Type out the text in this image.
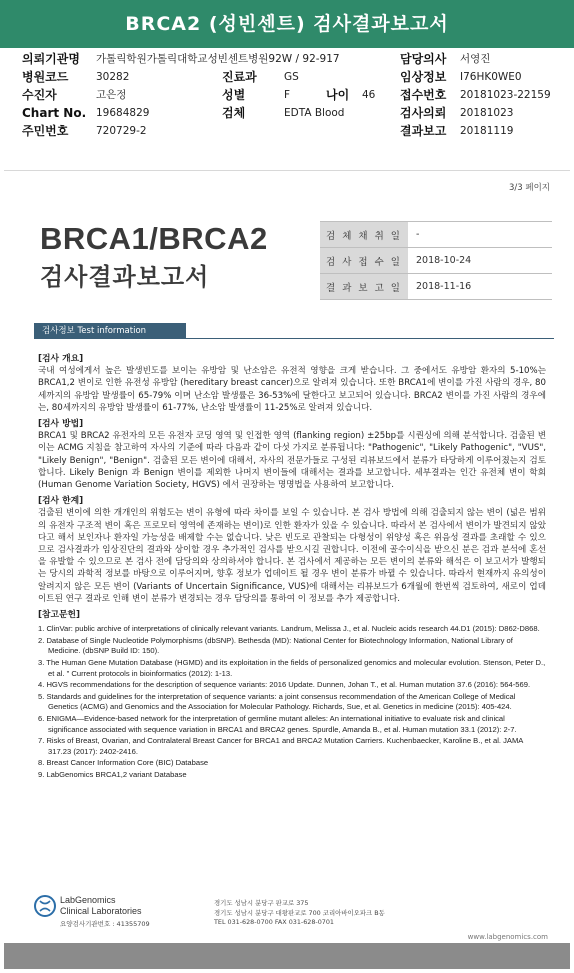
BRCA2 (성빈센트) 검사결과보고서
의뢰기관명 가톨릭학원가톨릭대학교성빈센트병원92W / 92-917	담당의사 서영진
병원코드	30282	진료과	GS	임상정보 I76HK0WE0
수진자	고은정	성별	F	나이 46 접수번호 20181023-22159
Chart No. 19684829	검체	EDTA Blood	검사의뢰 20181023
주민번호	720729-2	결과보고 20181119
3/3 페이지
BRCA1/BRCA2
검사결과보고서
검 체 채 취 일	-
검 사 접 수 일	2018-10-24
결 과 보 고 일	2018-11-16
검사정보 Test information
[검사 개요]

국내 여성에게서 높은 발생빈도를 보이는 유방암 및 난소암은 유전적 영향을 크게 받습니다. 그 중에서도 유방암 환자의 5-10%는 BRCA1,2 변이로 인한 유전성 유방암 (hereditary breast cancer)으로 알려져 있습니다. 또한 BRCA1에 변이를 가진 사람의 경우, 80세까지의 유방암 발생률이 65-79% 이며 난소암 발생률은 36-53%에 달한다고 보고되어 있습니다. BRCA2 변이를 가진 사람의 경우에는, 80세까지의 유방암 발생률이 61-77%, 난소암 발생률이 11-25%로 알려져 있습니다.

[검사 방법]

BRCA1 및 BRCA2 유전자의 모든 유전자 코딩 영역 및 인접한 영역 (flanking region) ±25bp를 시퀀싱에 의해 분석합니다. 검출된 변이는 ACMG 지침을 참고하여 자사의 기준에 따라 다음과 같이 다섯 가지로 분류됩니다: "Pathogenic", "Likely Pathogenic", "VUS", "Likely Benign", "Benign". 검출된 모든 변이에 대해서, 자사의 전문가들로 구성된 리뷰보드에서 분류가 타당하게 이루어졌는지 검토합니다. Likely Benign 과 Benign 변이를 제외한 나머지 변이들에 대해서는 결과를 보고합니다. 세부결과는 인간 유전체 변이 학회 (Human Genome Variation Society, HGVS) 에서 권장하는 명명법을 사용하여 보고합니다.

[검사 한계]

검출된 변이에 의한 개개인의 위험도는 변이 유형에 따라 차이를 보일 수 있습니다. 본 검사 방법에 의해 검출되지 않는 변이 (넓은 범위의 유전자 구조적 변이 혹은 프로모터 영역에 존재하는 변이)로 인한 환자가 있을 수 있습니다. 따라서 본 검사에서 변이가 발견되지 않았다고 해서 보인자나 환자일 가능성을 배제할 수는 없습니다. 낮은 빈도로 관찰되는 다형성이 위양성 혹은 위음성 결과를 초래할 수 있으므로 검사결과가 임상진단의 결과와 상이할 경우 추가적인 검사를 받으시길 권합니다. 이전에 골수이식을 받으신 분은 검과 분석에 혼선을 유발할 수 있으므로 본 검사 전에 담당의와 상의하셔야 합니다. 본 검사에서 제공하는 모든 변이의 분류와 해석은 이 보고서가 발행되는 당시의 과학적 정보를 바탕으로 이루어지며, 향후 정보가 업데이트 될 경우 변이 분류가 바뀔 수 있습니다. 따라서 현재까지 유의성이 알려지지 않은 모든 변이 (Variants of Uncertain Significance, VUS)에 대해서는 리뷰보드가 6개월에 한번씩 검토하여, 새로이 업데이트된 연구 결과로 인해 변이 분류가 변경되는 경우 담당의를 통하여 이 정보를 추가 제공합니다.

[참고문헌]
1. ClinVar: public archive of interpretations of clinically relevant variants. Landrum, Melissa J., et al. Nucleic acids research 44.D1 (2015): D862-D868.
2. Database of Single Nucleotide Polymorphisms (dbSNP). Bethesda (MD): National Center for Biotechnology Information, National Library of Medicine. (dbSNP Build ID: 150).
3. The Human Gene Mutation Database (HGMD) and its exploitation in the fields of personalized genomics and molecular evolution. Stenson, Peter D., et al. " Current protocols in bioinformatics (2012): 1-13.
4. HGVS recommendations for the description of sequence variants: 2016 Update. Dunnen, Johan T., et al. Human mutation 37.6 (2016): 564-569.
5. Standards and guidelines for the interpretation of sequence variants: a joint consensus recommendation of the American College of Medical Genetics (ACMG) and Genomics and the Association for Molecular Pathology. Richards, Sue, et al. Genetics in medicine (2015): 405-424.
6. ENIGMA—Evidence-based network for the interpretation of germline mutant alleles: An international initiative to evaluate risk and clinical significance associated with sequence variation in BRCA1 and BRCA2 genes. Spurdle, Amanda B., et al. Human mutation 33.1 (2012): 2-7.
7. Risks of Breast, Ovarian, and Contralateral Breast Cancer for BRCA1 and BRCA2 Mutation Carriers. Kuchenbaecker, Karoline B., et al. JAMA 317.23 (2017): 2402-2416.
8. Breast Cancer Information Core (BIC) Database
9. LabGenomics BRCA1,2 variant Database
LabGenomics
Clinical Laboratories
요양검사기관번호 : 41355709
경기도 성남시 분당구 판교로 375
경기도 성남시 분당구 대왕판교로 700 코리아바이오파크 B동
TEL 031-628-0700 FAX 031-628-0701
www.labgenomics.com
